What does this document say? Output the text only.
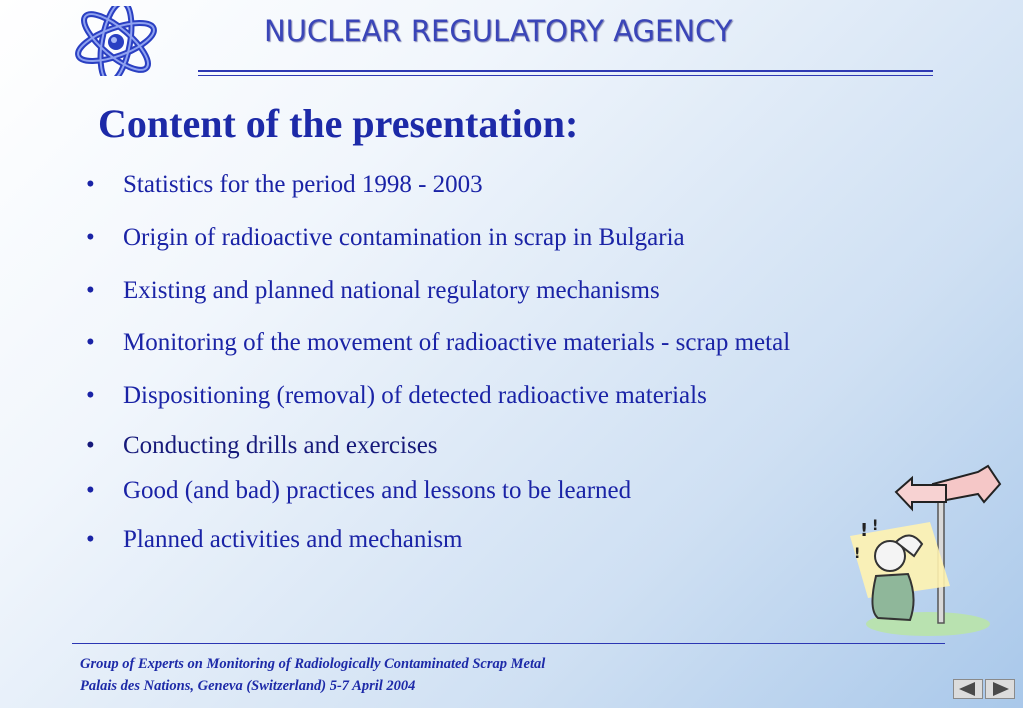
NUCLEAR REGULATORY AGENCY
Content of the presentation:
• Statistics for the period 1998 - 2003
• Origin of radioactive contamination in scrap in Bulgaria
• Existing and planned national regulatory mechanisms
• Monitoring of the movement of radioactive materials - scrap metal
• Dispositioning (removal) of detected radioactive materials
• Conducting drills and exercises
• Good (and bad) practices and lessons to be learned
• Planned activities and mechanism	! !
!
Group of Experts on Monitoring of Radiologically Contaminated Scrap Metal
Palais des Nations, Geneva (Switzerland) 5-7 April 2004
